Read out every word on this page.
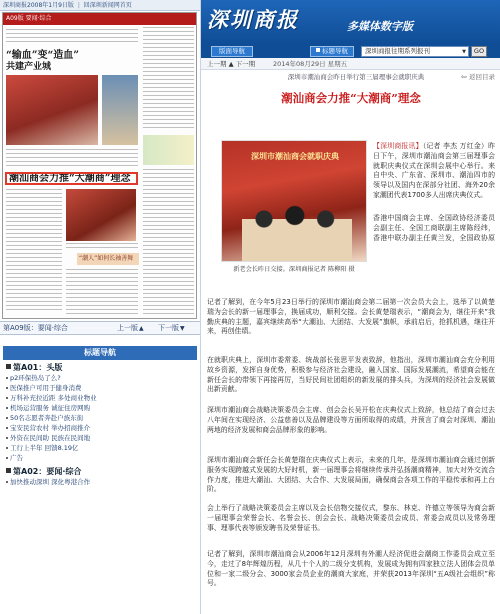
深圳商报2008年1月9日版 | 回深圳新闻网首页
A09版 要闻·综合
“输血”变“造血”
共建产业城
潮汕商会力推“大潮商”理念
“潮人”如何长袖善舞
第A09版：要闻·综合	上一版▲ 下一版▼
标题导航
第A01：头版
p2环保热岛了么?
医保推户可用于健身消费
万科补充拉近距 多处商业物业
机场运营服务 诚征住房网购
50名志愿者奔赴户族东街
宝安民营农村 举办招商推介
外资在民间助 民族在民间地
工行上半年 回馈8.19亿
广告
第A02：要闻·综合
加快推动深圳 深化粤港合作
深圳商报	多媒体数字版
版面导航	标题导航	深圳商报往期系列报刊	▼	GO
上一期 ▲ 下一期	2014年08月29日 星期五
深圳市潮汕商会昨日举行第三届理事会就职庆典	⇦ 返回目录
潮汕商会力推“大潮商”理念
深圳市潮汕商会就职庆典
新老会长昨日交接。深圳商报记者 陈柳阳 摄
【深圳商报讯】（记者 李杰 万红金）昨日下午，深圳市潮汕商会第三届理事会就职庆典仪式在深圳会展中心举行。来自中央、广东省、深圳市、潮汕四市的领导以及国内在深部分社团、海外20余家潮团代表1700多人出席庆典仪式。
香港中国商会主席、全国政协经济委员会副主任、全国工商联副主席陈经纬，香港中联办副主任黄兰发，全国政协原
记者了解到，在今年5月23日举行的深圳市潮汕商会第二届第一次会员大会上，选举了以黄楚瑞为会长的新一届理事会，换届成功，顺利交接。会长黄楚瑞表示，“潮商会为，继往开来”我勤庆典的主题，嘉宾继续高举“大潮汕、大团结、大发展”旗帜，承前启后，抢抓机遇，继往开来，再创佳绩。
在就职庆典上，深圳市委常委、统战部长张思平发表致辞，他指出，深圳市潮汕商会充分利用故乡资源，发挥自身优势，积极参与经济社会建设，融入国家、国际发展潮流，希望商会能在新任会长的带领下再接再厉，当好民间社团组织的新发展的排头兵，为深圳的经济社会发展做出新贡献。
深圳市潮汕商会战略决策委员会主席、创会会长吴开松在庆典仪式上致辞，他总结了商会过去八年间在实现经济、公益慈善以及品牌建设等方面所取得的成绩，并预言了商会对深圳、潮汕两地的经济发展和商会品牌形象的影响。
深圳市潮汕商会新任会长黄楚瑞在庆典仪式上表示，未来的几年，是深圳市潮汕商会通过创新服务实现跨越式发展的大好时机，新一届理事会将继续传承并弘扬潮商精神，加大对外交流合作力度，推进大潮汕、大团结、大合作、大发展局面，确保商会各项工作的平稳传承和再上台阶。
会上举行了战略决策委员会主席以及会长信物交接仪式，黎东、林克、许德立等领导为商会新一届理事会荣誉会长、名誉会长、创会会长、战略决策委员会成员、常委会成员以及常务理事、理事代表等颁发聘书及荣誉证书。
记者了解到，深圳市潮汕商会从2006年12月深圳有外潮人经济促进会潮商工作委员会成立至今，走过了8年辉煌历程，从几十个人的二级分支机构，发展成为拥有四家独立法人团体会员单位和一家二级分会、3000家会员企业的潮商大家庭，并荣获2013年深圳“五A级社会组织”称号。
